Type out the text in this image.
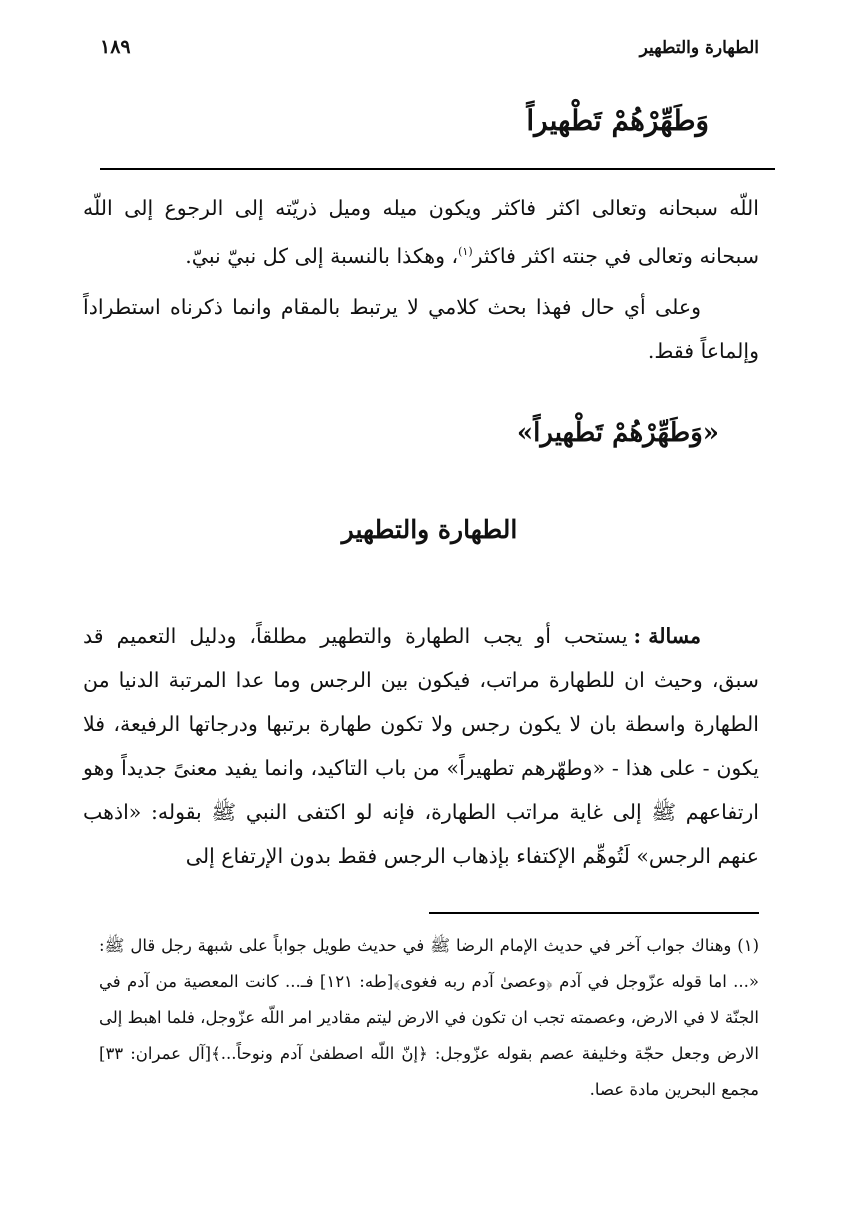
الطهارة والتطهير
١٨٩
وَطَهِّرْهُمْ تَطْهيراً
اللّه سبحانه وتعالى اكثر فاكثر ويكون ميله وميل ذريّته إلى الرجوع إلى اللّه سبحانه وتعالى في جنته اكثر فاكثر$^{(١)}$، وهكذا بالنسبة إلى كل نبيّ نبيّ.
وعلى أي حال فهذا بحث كلامي لا يرتبط بالمقام وانما ذكرناه استطراداً وإلماعاً فقط.
«وَطَهِّرْهُمْ تَطْهيراً»
الطهارة والتطهير
مسالة :يستحب أو يجب الطهارة والتطهير مطلقاً، ودليل التعميم قد سبق، وحيث ان للطهارة مراتب، فيكون بين الرجس وما عدا المرتبة الدنيا من الطهارة واسطة بان لا يكون رجس ولا تكون طهارة برتبها ودرجاتها الرفيعة، فلا يكون - على هذا - «وطهّرهم تطهيراً» من باب التاكيد، وانما يفيد معنىً جديداً وهو ارتفاعهم ﷺ إلى غاية مراتب الطهارة، فإنه لو اكتفى النبي ﷺ بقوله: «اذهب عنهم الرجس» لَتُوهِّم الإكتفاء بإذهاب الرجس فقط بدون الإرتفاع إلى
(١) وهناك جواب آخر في حديث الإمام الرضا ﷺ في حديث طويل جواباً على شبهة رجل قال ﷺ: «... اما قوله عزّوجل في آدم ﴿وعصىٰ آدم ربه فغوى﴾[طه: ١٢١] فـ... كانت المعصية من آدم في الجنّة لا في الارض، وعصمته تجب ان تكون في الارض ليتم مقادير امر اللّه عزّوجل، فلما اهبط إلى الارض وجعل حجّة وخليفة عصم بقوله عزّوجل: ﴿إنّ اللّه اصطفىٰ آدم ونوحاً...﴾[آل عمران: ٣٣] مجمع البحرين مادة عصا.
